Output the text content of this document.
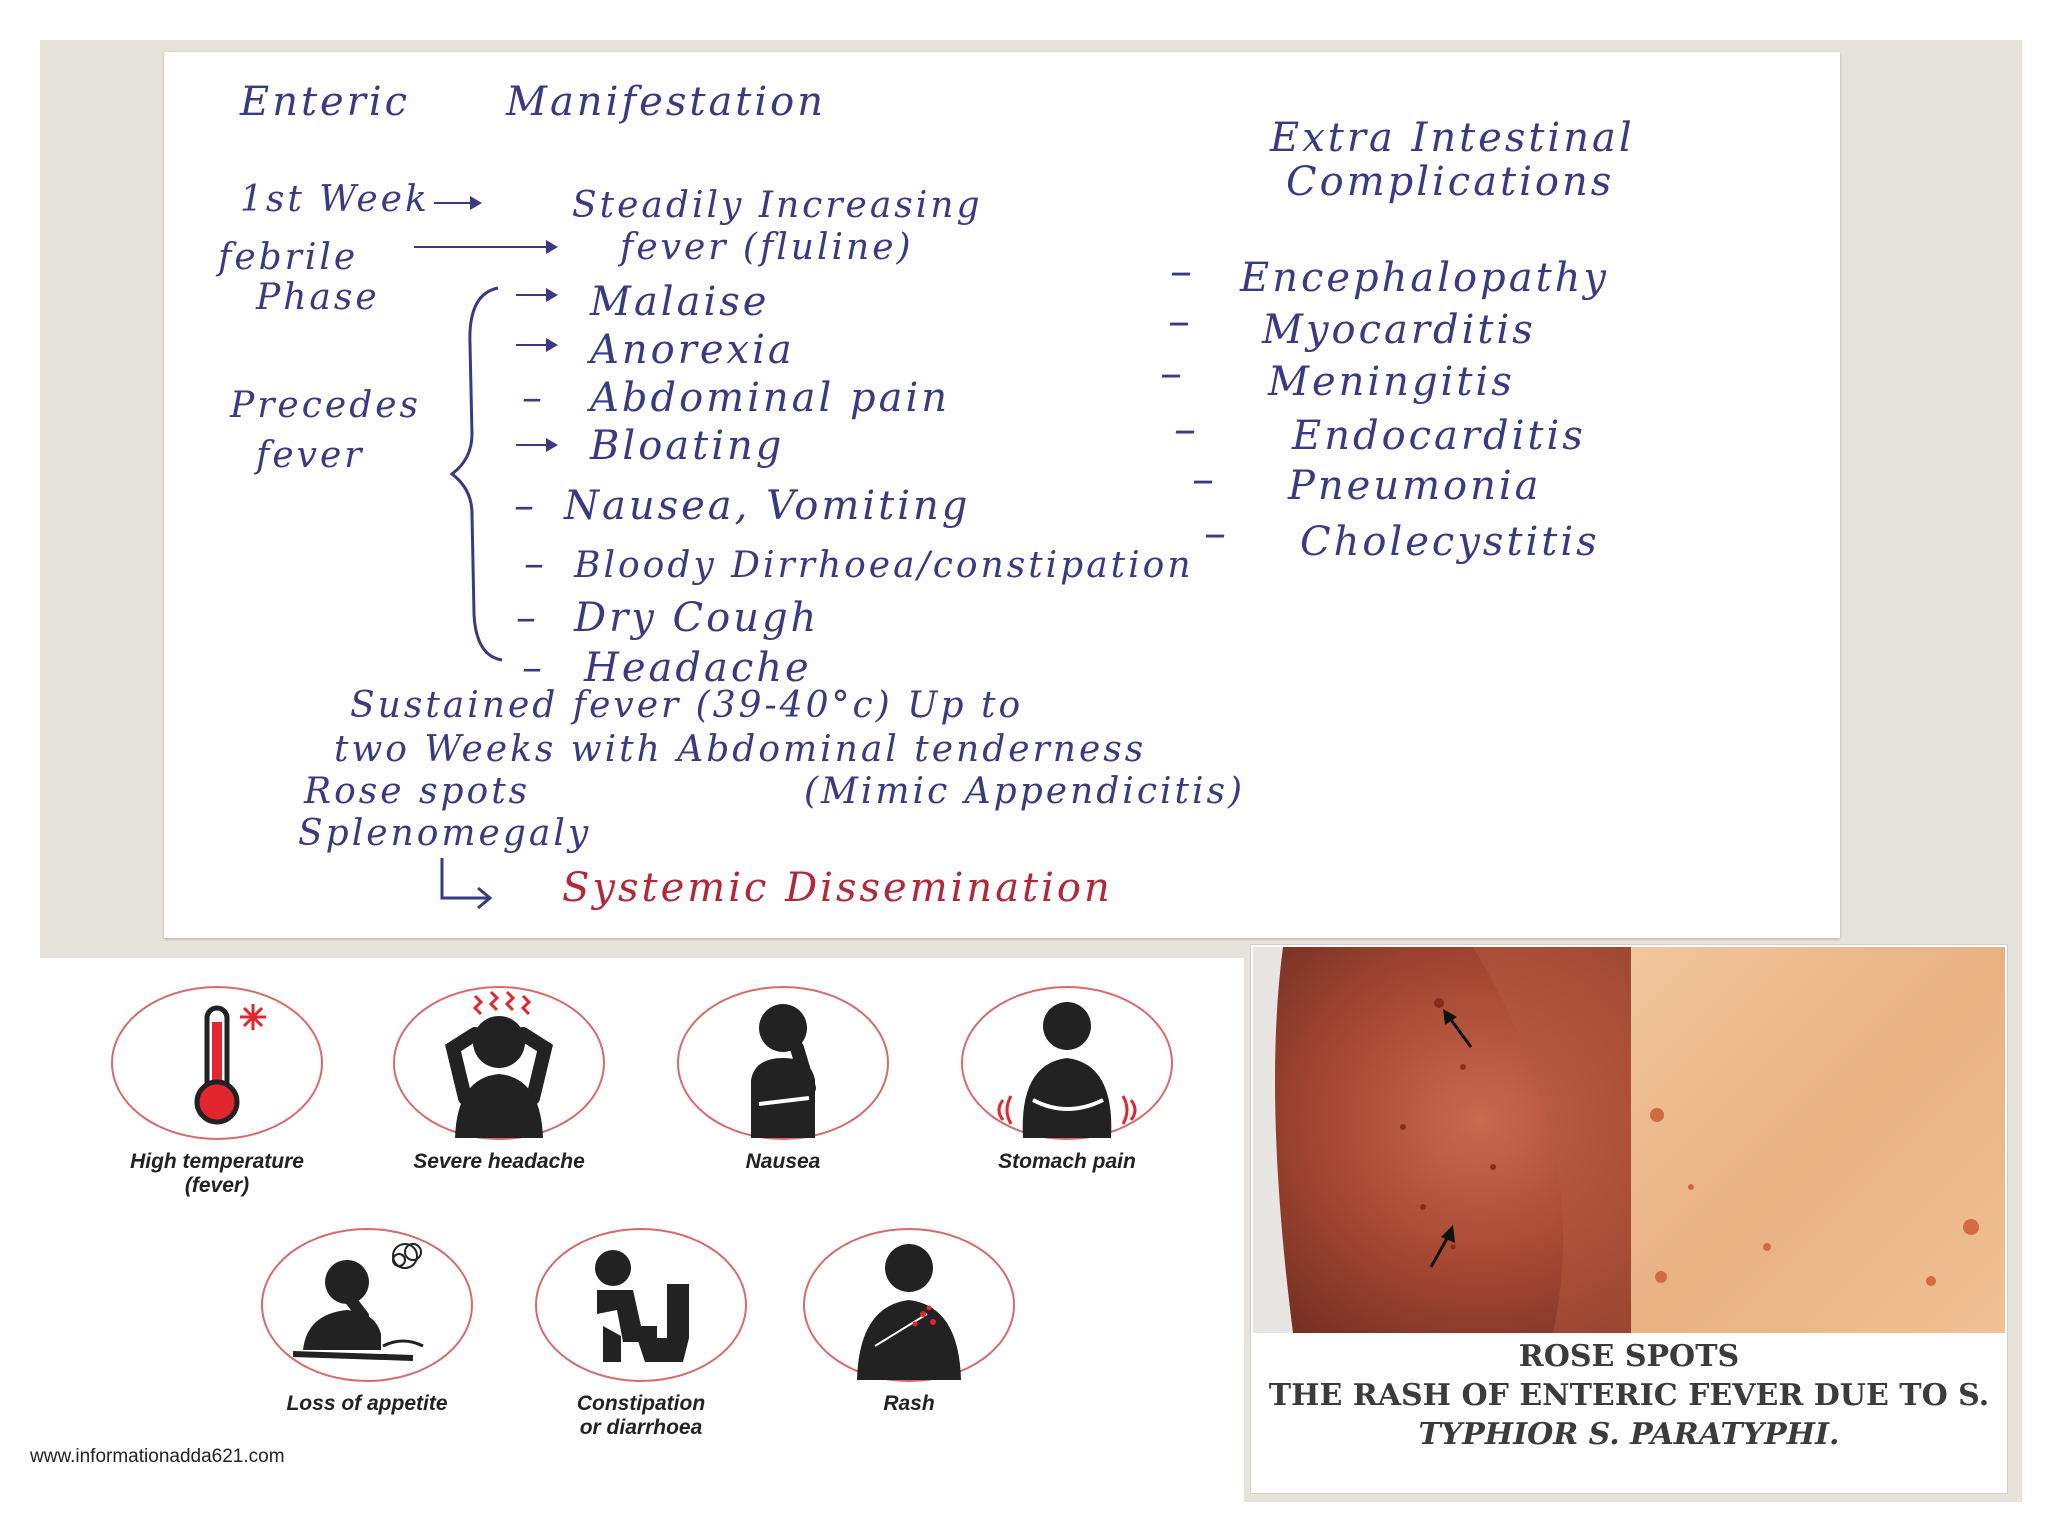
Enteric Manifestation
1st Week	Steadily Increasing
febrile	fever (fluline)
Phase
Precedes
fever
Malaise
Anorexia
– Abdominal pain
Bloating
– Nausea, Vomiting
– Bloody Dirrhoea/constipation
– Dry Cough
– Headache
Sustained fever (39-40°c) Up to
two Weeks with Abdominal tenderness
Rose spots	(Mimic Appendicitis)
Splenomegaly
Systemic Dissemination
Extra Intestinal
Complications
– Encephalopathy
– Myocarditis
– Meningitis
– Endocarditis
– Pneumonia
– Cholecystitis
High temperature
(fever)
Severe headache	Nausea	Stomach pain
Loss of appetite	Constipation
or diarrhoea
Rash
www.informationadda621.com
ROSE SPOTS
THE RASH OF ENTERIC FEVER DUE TO S.
TYPHIOR S. PARATYPHI.
